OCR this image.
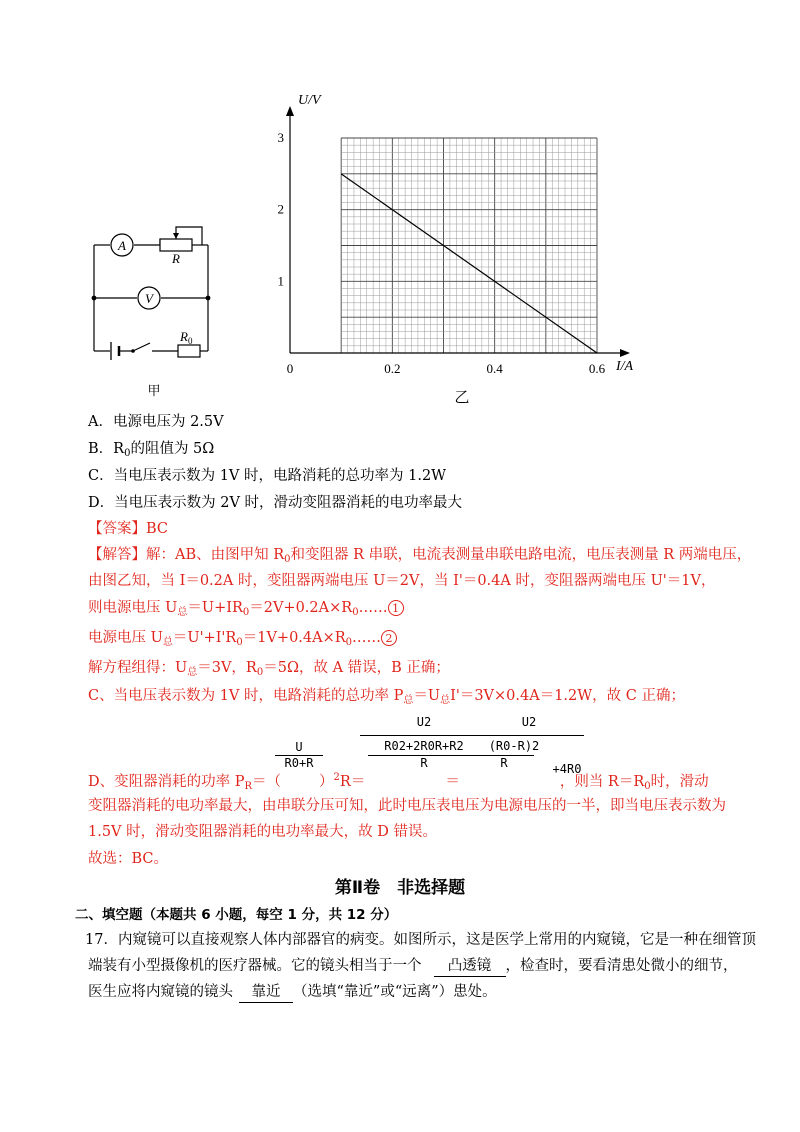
A
R
V
$R_0$
甲
0	0.2	0.4	0.6
1
2
3
U/V
I/A
乙
A．电源电压为 2.5V
B．$R_0$的阻值为 5Ω
C．当电压表示数为 1V 时，电路消耗的总功率为 1.2W
D．当电压表示数为 2V 时，滑动变阻器消耗的电功率最大
【答案】BC
【解答】解：AB、由图甲知 $R_0$和变阻器 R 串联，电流表测量串联电路电流，电压表测量 R 两端电压，
由图乙知，当 I＝0.2A 时，变阻器两端电压 U＝2V，当 I'＝0.4A 时，变阻器两端电压 U'＝1V，
则电源电压 $U_总=U+IR_0=2V+0.2A\times R_0\dots\dots$ 1
电源电压 $U_总=U'+I'R_0=1V+0.4A\times R_0\dots\dots$ 2
解方程组得：$U_总=3V$，$R_0=5\Omega$，故 A 错误，B 正确；
C、当电压表示数为 1V 时，电路消耗的总功率 $P_总=U_总I'=3V\times 0.4A=1.2W$，故 C 正确；
$\frac{U}{R0+R}$	U2
R02+2R0R+R2
R
U2
(R0-R)2
R
+4R0
D、变阻器消耗的功率 $P_R=$（	）$^2$R＝	＝	，则当 $R=R_0$时，滑动
变阻器消耗的电功率最大，由串联分压可知，此时电压表电压为电源电压的一半，即当电压表示数为
1.5V 时，滑动变阻器消耗的电功率最大，故 D 错误。
故选：BC。
第Ⅱ卷　非选择题
二、填空题（本题共 6 小题，每空 1 分，共 12 分）
17．内窥镜可以直接观察人体内部器官的病变。如图所示，这是医学上常用的内窥镜，它是一种在细管顶
端装有小型摄像机的医疗器械。它的镜头相当于一个 凸透镜 ，检查时，要看清患处微小的细节，
医生应将内窥镜的镜头 靠近 （选填“靠近”或“远离”）患处。
